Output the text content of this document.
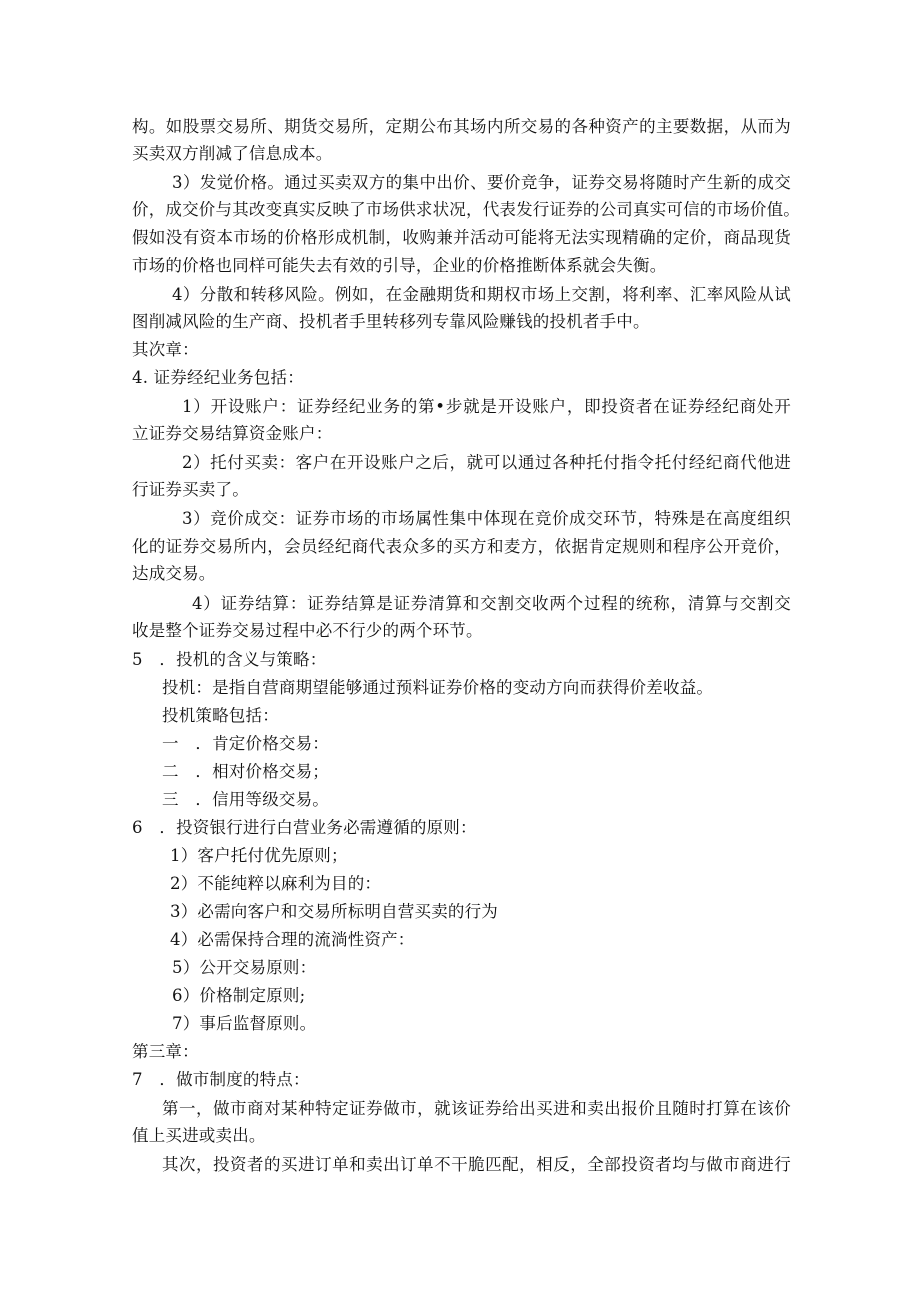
构。如股票交易所、期货交易所，定期公布其场内所交易的各种资产的主要数据，从而为
买卖双方削减了信息成本。
3）发觉价格。通过买卖双方的集中出价、要价竞争，证券交易将随时产生新的成交
价，成交价与其改变真实反映了市场供求状况，代表发行证券的公司真实可信的市场价值。
假如没有资本市场的价格形成机制，收购兼并活动可能将无法实现精确的定价，商品现货
市场的价格也同样可能失去有效的引导，企业的价格推断体系就会失衡。
4）分散和转移风险。例如，在金融期货和期权市场上交割，将利率、汇率风险从试
图削减风险的生产商、投机者手里转移列专靠风险赚钱的投机者手中。
其次章：
4. 证券经纪业务包括：
1）开设账户：证券经纪业务的第•步就是开设账户，即投资者在证券经纪商处开
立证券交易结算资金账户：
2）托付买卖：客户在开设账户之后，就可以通过各种托付指令托付经纪商代他进
行证券买卖了。
3）竞价成交：证券市场的市场属性集中体现在竞价成交环节，特殊是在高度组织
化的证券交易所内，会员经纪商代表众多的买方和麦方，依据肯定规则和程序公开竞价，
达成交易。
4）证券结算：证券结算是证券清算和交割交收两个过程的统称，清算与交割交
收是整个证券交易过程中必不行少的两个环节。
5　．投机的含义与策略：
投机：是指自营商期望能够通过预料证券价格的变动方向而获得价差收益。
投机策略包括：
一　．肯定价格交易：
二　．相对价格交易；
三　．信用等级交易。
6　．投资银行进行白营业务必需遵循的原则：
1）客户托付优先原则；
2）不能纯粹以麻利为目的：
3）必需向客户和交易所标明自营买卖的行为
4）必需保持合理的流淌性资产：
5）公开交易原则：
6）价格制定原则;
7）事后监督原则。
第三章：
7　．做市制度的特点：
第一，做市商对某种特定证券做市，就该证券给出买进和卖出报价且随时打算在该价
值上买进或卖出。
其次，投资者的买进订单和卖出订单不干脆匹配，相反，全部投资者均与做市商进行
